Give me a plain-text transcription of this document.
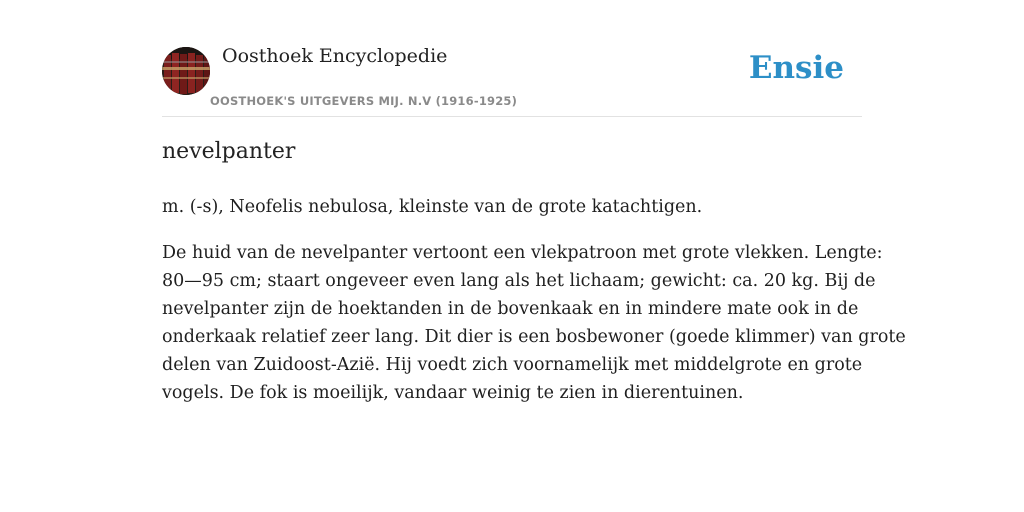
Oosthoek Encyclopedie
OOSTHOEK'S UITGEVERS MIJ. N.V (1916-1925)
Ensie
nevelpanter

m. (-s), Neofelis nebulosa, kleinste van de grote katachtigen.

De huid van de nevelpanter vertoont een vlekpatroon met grote vlekken. Lengte:
80—95 cm; staart ongeveer even lang als het lichaam; gewicht: ca. 20 kg. Bij de
nevelpanter zijn de hoektanden in de bovenkaak en in mindere mate ook in de
onderkaak relatief zeer lang. Dit dier is een bosbewoner (goede klimmer) van grote
delen van Zuidoost-Azië. Hij voedt zich voornamelijk met middelgrote en grote
vogels. De fok is moeilijk, vandaar weinig te zien in dierentuinen.
